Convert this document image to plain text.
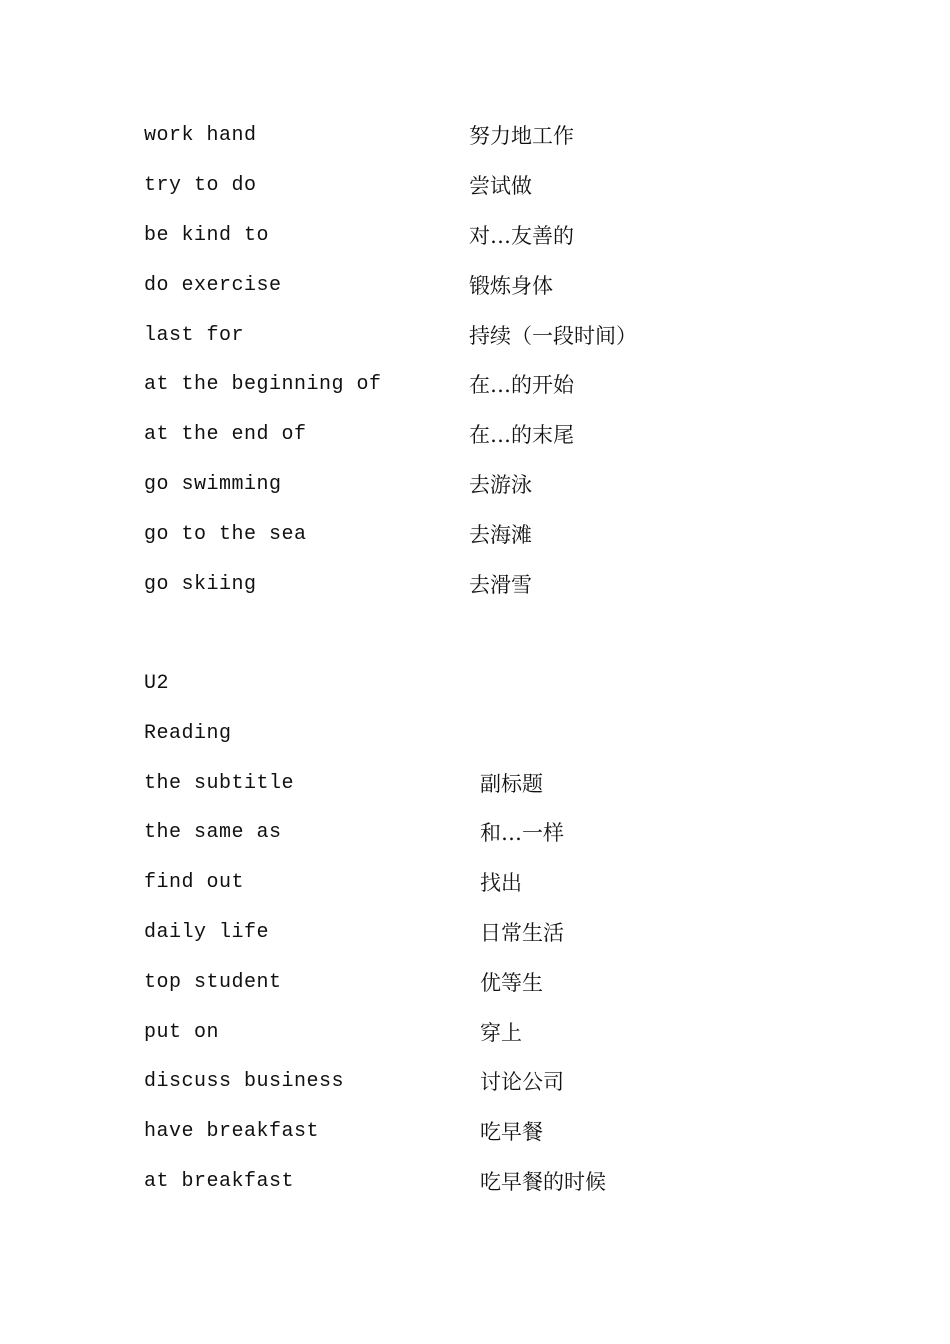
work hand	努力地工作
try to do	尝试做
be kind to	对…友善的
do exercise	锻炼身体
last for	持续（一段时间）
at the beginning of	在…的开始
at the end of	在…的末尾
go swimming	去游泳
go to the sea	去海滩
go skiing	去滑雪
U2
Reading
the subtitle	副标题
the same as	和…一样
find out	找出
daily life	日常生活
top student	优等生
put on	穿上
discuss business	讨论公司
have breakfast	吃早餐
at breakfast	吃早餐的时候
